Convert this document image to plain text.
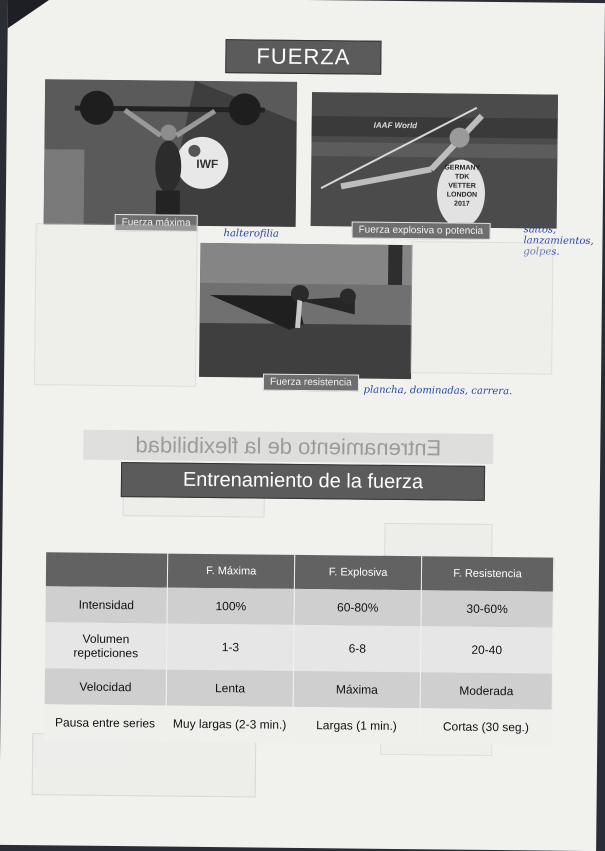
FUERZA
IWF
Fuerza máxima
halterofilia
GERMANY
TDK
VETTER
LONDON 2017
IAAF World
Fuerza explosiva o potencia	saltos, lanzamientos, golpes.
Fuerza resistencia
plancha, dominadas, carrera.
Entrenamiento de la flexibilidad
Entrenamiento de la fuerza
	F. Máxima	F. Explosiva	F. Resistencia
Intensidad	100%	60-80%	30-60%
Volumen repeticiones	1-3	6-8	20-40
Velocidad	Lenta	Máxima	Moderada
Pausa entre series	Muy largas (2-3 min.)	Largas (1 min.)	Cortas (30 seg.)
